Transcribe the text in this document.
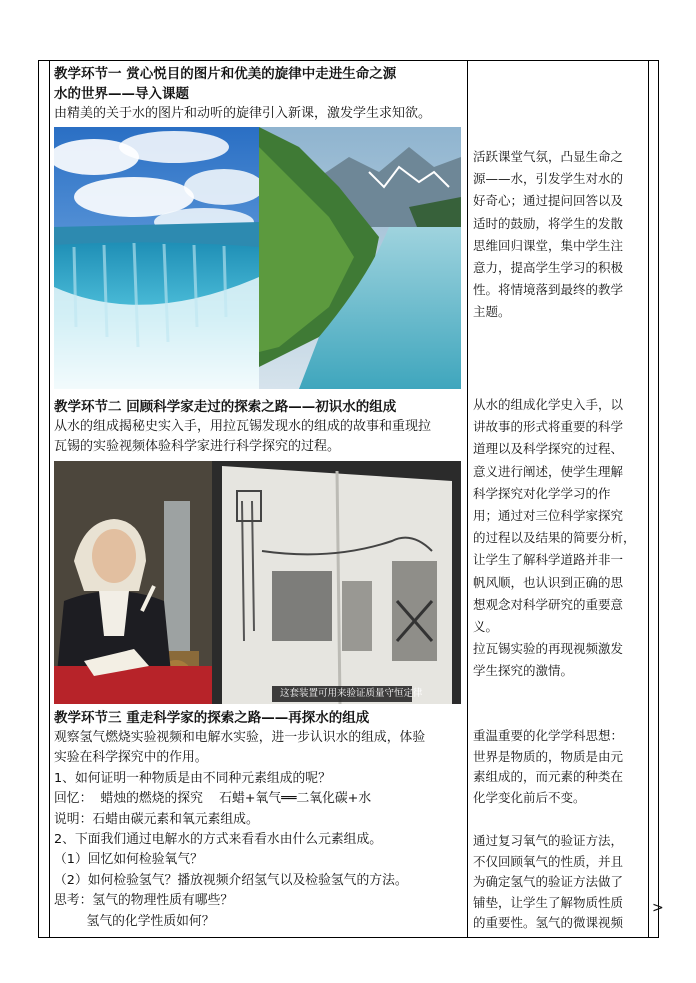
教学环节一 赏心悦目的图片和优美的旋律中走进生命之源
水的世界——导入课题
由精美的关于水的图片和动听的旋律引入新课，激发学生求知欲。
活跃课堂气氛，凸显生命之
源——水，引发学生对水的
好奇心；通过提问回答以及
适时的鼓励，将学生的发散
思维回归课堂，集中学生注
意力，提高学生学习的积极
性。将情境落到最终的教学
主题。
教学环节二 回顾科学家走过的探索之路——初识水的组成
从水的组成揭秘史实入手，用拉瓦锡发现水的组成的故事和重现拉
瓦锡的实验视频体验科学家进行科学探究的过程。
这套装置可用来验证质量守恒定律
从水的组成化学史入手，以
讲故事的形式将重要的科学
道理以及科学探究的过程、
意义进行阐述，使学生理解
科学探究对化学学习的作
用；通过对三位科学家探究
的过程以及结果的简要分析，
让学生了解科学道路并非一
帆风顺，也认识到正确的思
想观念对科学研究的重要意
义。
拉瓦锡实验的再现视频激发
学生探究的激情。
教学环节三 重走科学家的探索之路——再探水的组成
观察氢气燃烧实验视频和电解水实验，进一步认识水的组成，体验
实验在科学探究中的作用。
1、如何证明一种物质是由不同种元素组成的呢？
回忆：  蜡烛的燃烧的探究    石蜡+氧气══二氧化碳+水
说明：石蜡由碳元素和氧元素组成。
2、下面我们通过电解水的方式来看看水由什么元素组成。
（1）回忆如何检验氧气？
（2）如何检验氢气？播放视频介绍氢气以及检验氢气的方法。
思考：氢气的物理性质有哪些？
氢气的化学性质如何？
重温重要的化学学科思想：
世界是物质的，物质是由元
素组成的，而元素的种类在
化学变化前后不变。
通过复习氧气的验证方法，
不仅回顾氧气的性质，并且
为确定氢气的验证方法做了
铺垫，让学生了解物质性质
的重要性。氢气的微课视频
>
